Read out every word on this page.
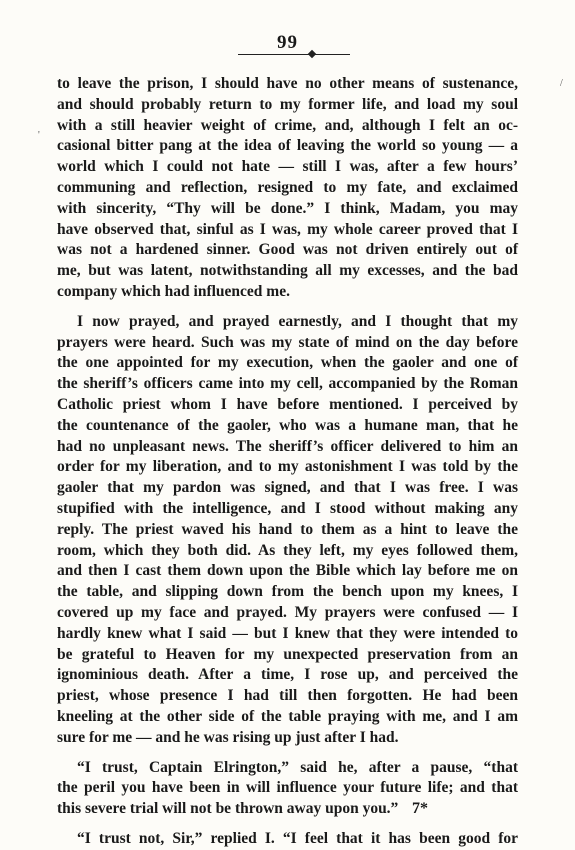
99
to leave the prison, I should have no other means of sustenance,
and should probably return to my former life, and load my soul
with a still heavier weight of crime, and, although I felt an oc-
casional bitter pang at the idea of leaving the world so young — a
world which I could not hate — still I was, after a few hours’
communing and reflection, resigned to my fate, and exclaimed
with sincerity, “Thy will be done.” I think, Madam, you may
have observed that, sinful as I was, my whole career proved that I
was not a hardened sinner. Good was not driven entirely out of
me, but was latent, notwithstanding all my excesses, and the bad
company which had influenced me.
I now prayed, and prayed earnestly, and I thought that my
prayers were heard. Such was my state of mind on the day before
the one appointed for my execution, when the gaoler and one of
the sheriff’s officers came into my cell, accompanied by the Roman
Catholic priest whom I have before mentioned. I perceived by
the countenance of the gaoler, who was a humane man, that he
had no unpleasant news. The sheriff’s officer delivered to him an
order for my liberation, and to my astonishment I was told by the
gaoler that my pardon was signed, and that I was free. I was
stupified with the intelligence, and I stood without making any
reply. The priest waved his hand to them as a hint to leave the
room, which they both did. As they left, my eyes followed them,
and then I cast them down upon the Bible which lay before me on
the table, and slipping down from the bench upon my knees, I
covered up my face and prayed. My prayers were confused — I
hardly knew what I said — but I knew that they were intended to
be grateful to Heaven for my unexpected preservation from an
ignominious death. After a time, I rose up, and perceived the
priest, whose presence I had till then forgotten. He had been
kneeling at the other side of the table praying with me, and I am
sure for me — and he was rising up just after I had.
“I trust, Captain Elrington,” said he, after a pause, “that
the peril you have been in will influence your future life; and that
this severe trial will not be thrown away upon you.”
“I trust not, Sir,” replied I. “I feel that it has been good for
7*
/
'
